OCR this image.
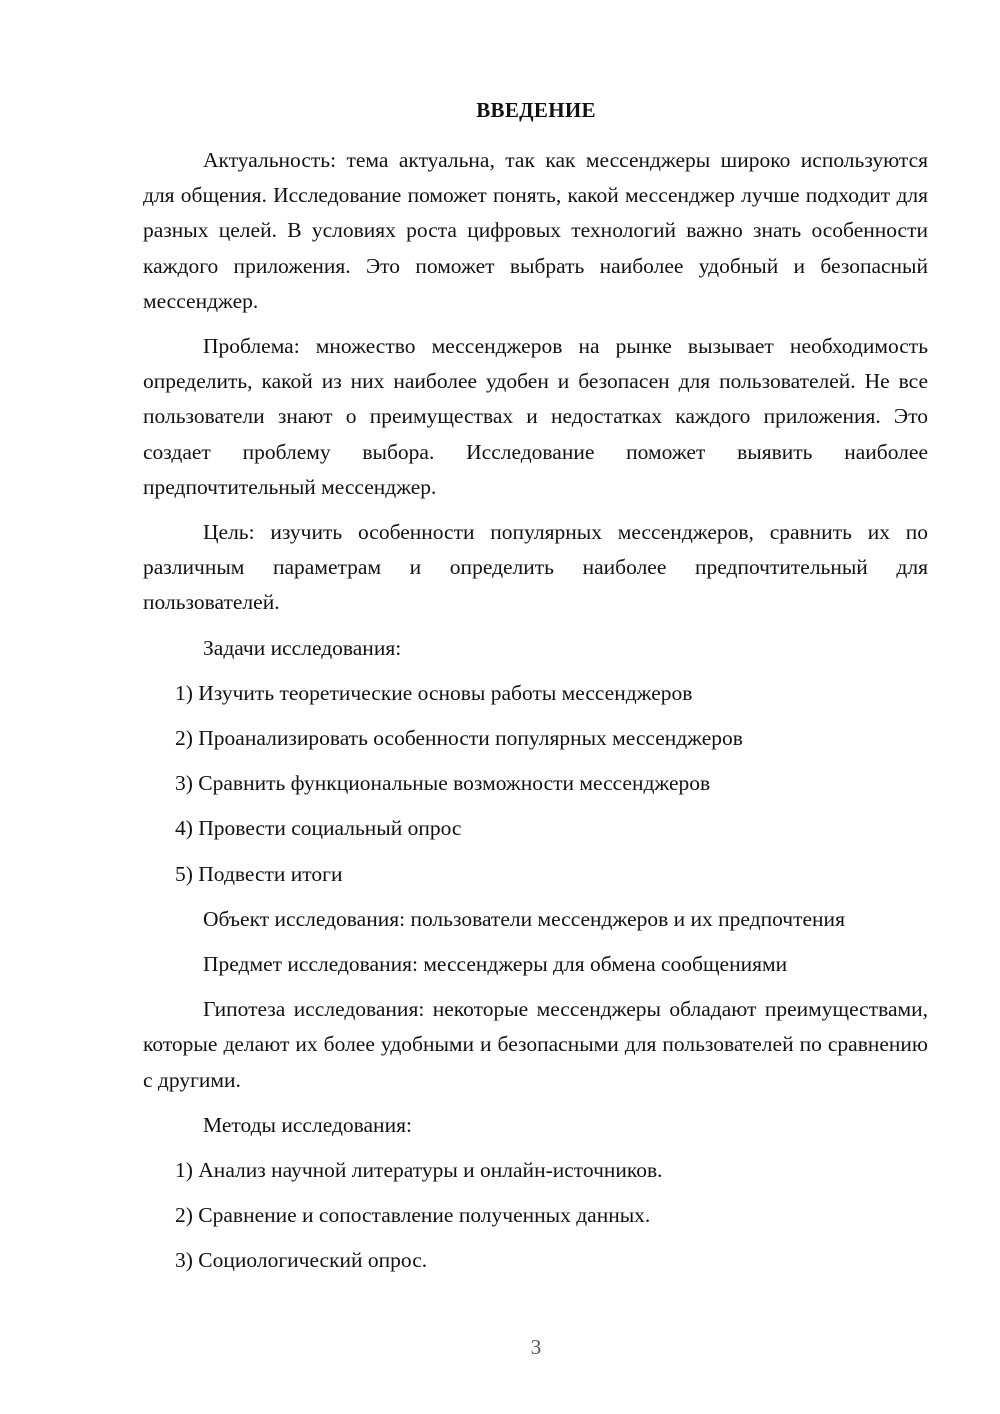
ВВЕДЕНИЕ

Актуальность: тема актуальна, так как мессенджеры широко используются для общения. Исследование поможет понять, какой мессенджер лучше подходит для разных целей. В условиях роста цифровых технологий важно знать особенности каждого приложения. Это поможет выбрать наиболее удобный и безопасный мессенджер.

Проблема: множество мессенджеров на рынке вызывает необходимость определить, какой из них наиболее удобен и безопасен для пользователей. Не все пользователи знают о преимуществах и недостатках каждого приложения. Это создает проблему выбора. Исследование поможет выявить наиболее предпочтительный мессенджер.

Цель: изучить особенности популярных мессенджеров, сравнить их по различным параметрам и определить наиболее предпочтительный для пользователей.

Задачи исследования:

1) Изучить теоретические основы работы мессенджеров

2) Проанализировать особенности популярных мессенджеров

3) Сравнить функциональные возможности мессенджеров

4) Провести социальный опрос

5) Подвести итоги

Объект исследования: пользователи мессенджеров и их предпочтения

Предмет исследования: мессенджеры для обмена сообщениями

Гипотеза исследования: некоторые мессенджеры обладают преимуществами, которые делают их более удобными и безопасными для пользователей по сравнению с другими.

Методы исследования:

1) Анализ научной литературы и онлайн-источников.

2) Сравнение и сопоставление полученных данных.

3) Социологический опрос.

3
